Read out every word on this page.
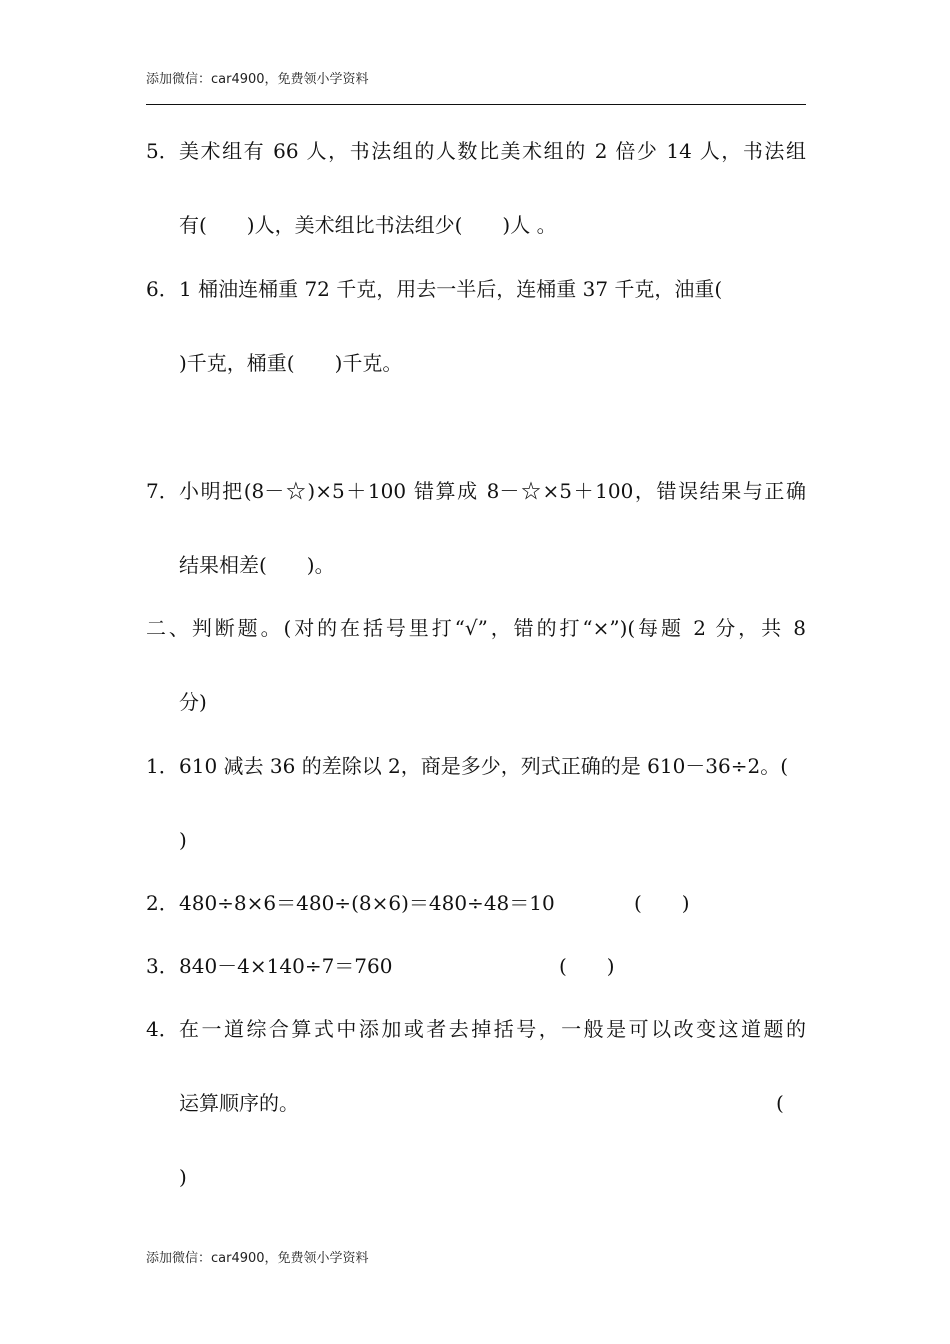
添加微信：car4900，免费领小学资料
5． 美术组有 66 人，书法组的人数比美术组的 2 倍少 14 人，书法组
有(　　)人，美术组比书法组少(　　)人 。
6． 1 桶油连桶重 72 千克，用去一半后，连桶重 37 千克，油重(
)千克，桶重(　　)千克。
7． 小明把(8－☆)×5＋100 错算成 8－☆×5＋100，错误结果与正确
结果相差(　　)。
二、判断题。(对的在括号里打“√”，错的打“×”)(每题 2 分，共 8
分)
1． 610 减去 36 的差除以 2，商是多少，列式正确的是 610－36÷2。(
)
2． 480÷8×6＝480÷(8×6)＝480÷48＝10	(　　)
3． 840－4×140÷7＝760	(　　)
4． 在一道综合算式中添加或者去掉括号，一般是可以改变这道题的
运算顺序的。	(
)
添加微信：car4900，免费领小学资料
